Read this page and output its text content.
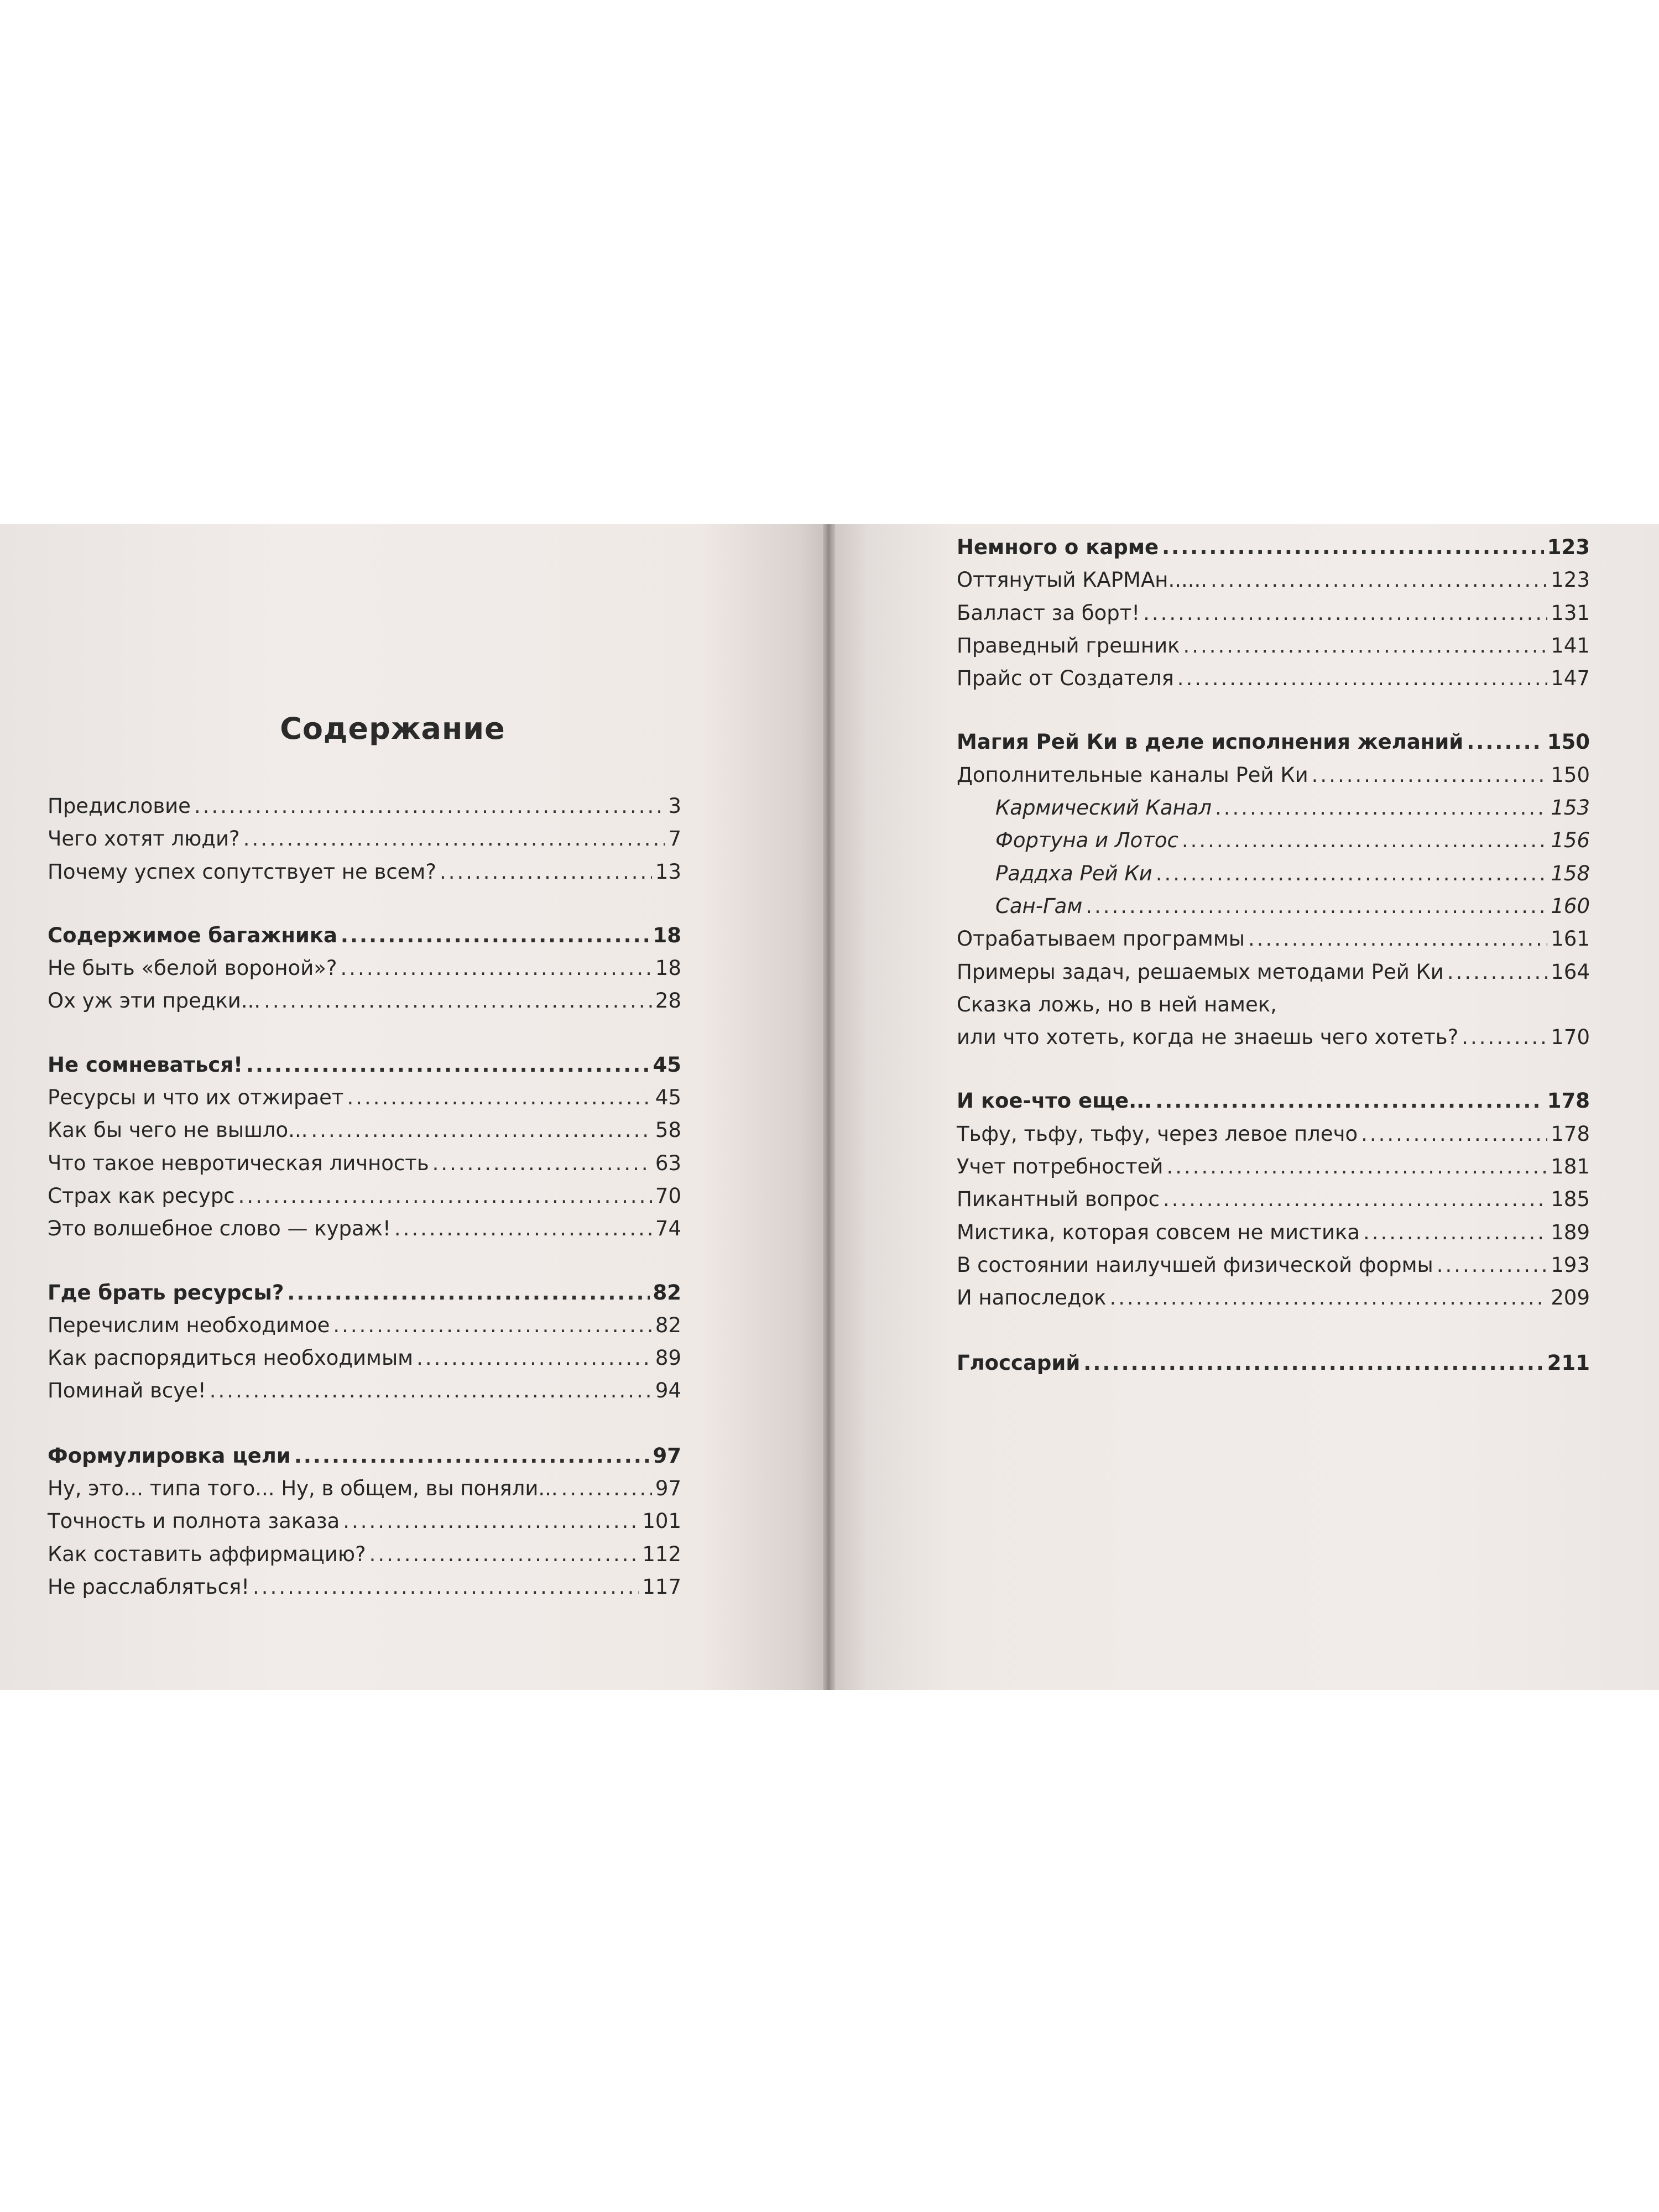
Содержание
Предисловие .....	3
Чего хотят люди? .....	7
Почему успех сопутствует не всем? .....	13
Содержимое багажника .....	18
Не быть «белой вороной»? .....	18
Ох уж эти предки... .....	28
Не сомневаться! .....	45
Ресурсы и что их отжирает .....	45
Как бы чего не вышло... .....	58
Что такое невротическая личность .....	63
Страх как ресурс .....	70
Это волшебное слово — кураж! .....	74
Где брать ресурсы? .....	82
Перечислим необходимое .....	82
Как распорядиться необходимым .....	89
Поминай всуе! .....	94
Формулировка цели .....	97
Ну, это... типа того... Ну, в общем, вы поняли... .....	97
Точность и полнота заказа .....	101
Как составить аффирмацию? .....	112
Не расслабляться! .....	117
Немного о карме .....	123
Оттянутый КАРМАн...... .....	123
Балласт за борт! .....	131
Праведный грешник .....	141
Прайс от Создателя .....	147
Магия Рей Ки в деле исполнения желаний .....	150
Дополнительные каналы Рей Ки .....	150
Кармический Канал .....	153
Фортуна и Лотос .....	156
Раддха Рей Ки .....	158
Сан-Гам .....	160
Отрабатываем программы .....	161
Примеры задач, решаемых методами Рей Ки .....	164
Сказка ложь, но в ней намек,
или что хотеть, когда не знаешь чего хотеть? .....	170
И кое-что еще... .....	178
Тьфу, тьфу, тьфу, через левое плечо .....	178
Учет потребностей .....	181
Пикантный вопрос .....	185
Мистика, которая совсем не мистика .....	189
В состоянии наилучшей физической формы .....	193
И напоследок .....	209
Глоссарий .....	211
